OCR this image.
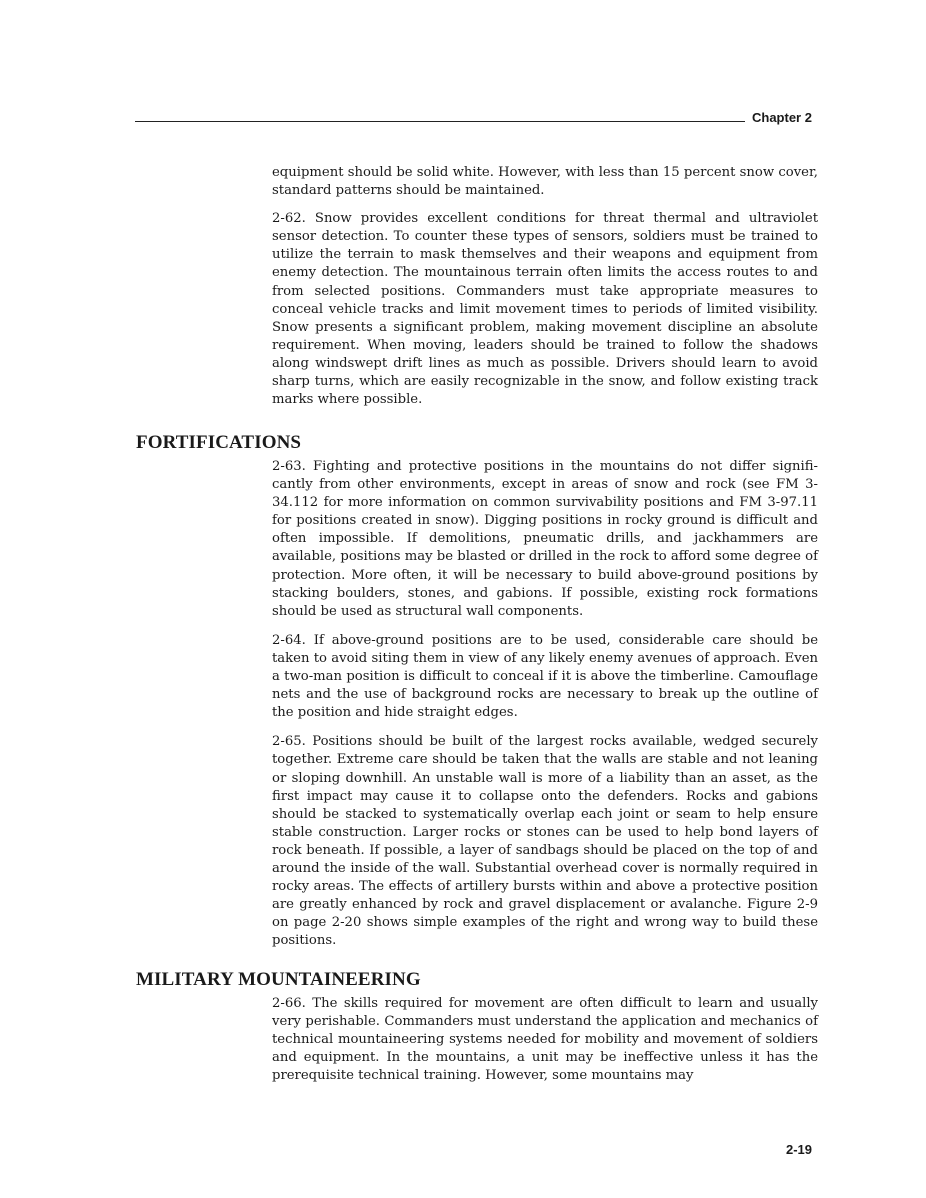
Chapter 2

equipment should be solid white. However, with less than 15 percent snow cover, standard patterns should be maintained.

2-62. Snow provides excellent conditions for threat thermal and ultraviolet sensor detection. To counter these types of sensors, soldiers must be trained to utilize the terrain to mask themselves and their weapons and equipment from enemy detection. The mountainous terrain often limits the access routes to and from selected positions. Commanders must take appropriate measures to conceal vehicle tracks and limit movement times to periods of limited visibility. Snow presents a significant problem, making movement discipline an absolute requirement. When moving, leaders should be trained to follow the shadows along windswept drift lines as much as possible. Drivers should learn to avoid sharp turns, which are easily recognizable in the snow, and follow existing track marks where possible.

FORTIFICATIONS

2-63. Fighting and protective positions in the mountains do not differ significantly from other environments, except in areas of snow and rock (see FM 3-​34.112 for more information on common survivability positions and FM 3-​97.11 for positions created in snow). Digging positions in rocky ground is difficult and often impossible. If demolitions, pneumatic drills, and jackhammers are available, positions may be blasted or drilled in the rock to afford some degree of protection. More often, it will be necessary to build above-​ground positions by stacking boulders, stones, and gabions. If possible, existing rock formations should be used as structural wall components.

2-64. If above-ground positions are to be used, considerable care should be taken to avoid siting them in view of any likely enemy avenues of approach. Even a two-man position is difficult to conceal if it is above the timberline. Camouflage nets and the use of background rocks are necessary to break up the outline of the position and hide straight edges.

2-65. Positions should be built of the largest rocks available, wedged securely together. Extreme care should be taken that the walls are stable and not leaning or sloping downhill. An unstable wall is more of a liability than an asset, as the first impact may cause it to collapse onto the defenders. Rocks and gabions should be stacked to systematically overlap each joint or seam to help ensure stable construction. Larger rocks or stones can be used to help bond layers of rock beneath. If possible, a layer of sandbags should be placed on the top of and around the inside of the wall. Substantial overhead cover is normally required in rocky areas. The effects of artillery bursts within and above a protective position are greatly enhanced by rock and gravel displacement or avalanche. Figure 2-9 on page 2-20 shows simple examples of the right and wrong way to build these positions.

MILITARY MOUNTAINEERING

2-66. The skills required for movement are often difficult to learn and usually very perishable. Commanders must understand the application and mechanics of technical mountaineering systems needed for mobility and movement of soldiers and equipment. In the mountains, a unit may be ineffective unless it has the prerequisite technical training. However, some mountains may

2-19
